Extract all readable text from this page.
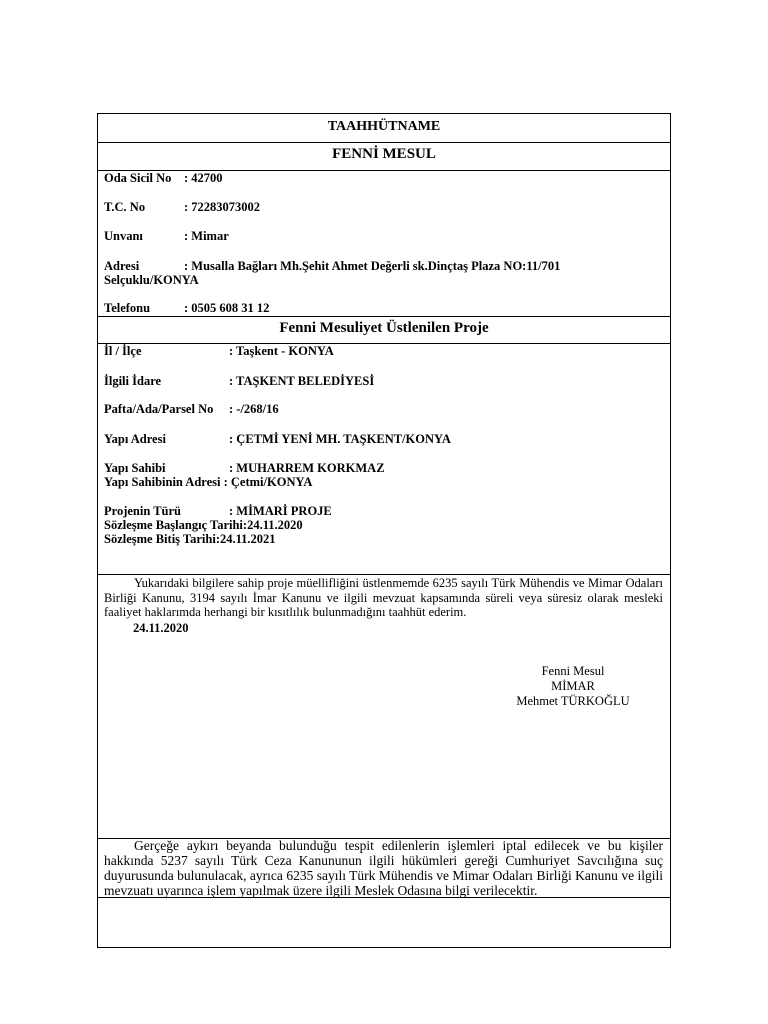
TAAHHÜTNAME
FENNİ MESUL
Oda Sicil No : 42700
T.C. No	: 72283073002
Unvanı	: Mimar
Adresi	: Musalla Bağları Mh.Şehit Ahmet Değerli sk.Dinçtaş Plaza NO:11/701
Selçuklu/KONYA
Telefonu	: 0505 608 31 12
Fenni Mesuliyet Üstlenilen Proje
İl / İlçe	: Taşkent - KONYA
İlgili İdare	: TAŞKENT BELEDİYESİ
Pafta/Ada/Parsel No : -/268/16
Yapı Adresi	: ÇETMİ YENİ MH. TAŞKENT/KONYA
Yapı Sahibi	: MUHARREM KORKMAZ
Yapı Sahibinin Adresi : Çetmi/KONYA
Projenin Türü	: MİMARİ PROJE
Sözleşme Başlangıç Tarihi:24.11.2020
Sözleşme Bitiş Tarihi:24.11.2021
Yukarıdaki bilgilere sahip proje müellifliğini üstlenmemde 6235 sayılı Türk Mühendis ve Mimar Odaları Birliği Kanunu, 3194 sayılı İmar Kanunu ve ilgili mevzuat kapsamında süreli veya süresiz olarak mesleki faaliyet haklarımda herhangi bir kısıtlılık bulunmadığını taahhüt ederim.
24.11.2020
Fenni Mesul
MİMAR
Mehmet TÜRKOĞLU
Gerçeğe aykırı beyanda bulunduğu tespit edilenlerin işlemleri iptal edilecek ve bu kişiler hakkında 5237 sayılı Türk Ceza Kanununun ilgili hükümleri gereği Cumhuriyet Savcılığına suç duyurusunda bulunulacak, ayrıca 6235 sayılı Türk Mühendis ve Mimar Odaları Birliği Kanunu ve ilgili mevzuatı uyarınca işlem yapılmak üzere ilgili Meslek Odasına bilgi verilecektir.
